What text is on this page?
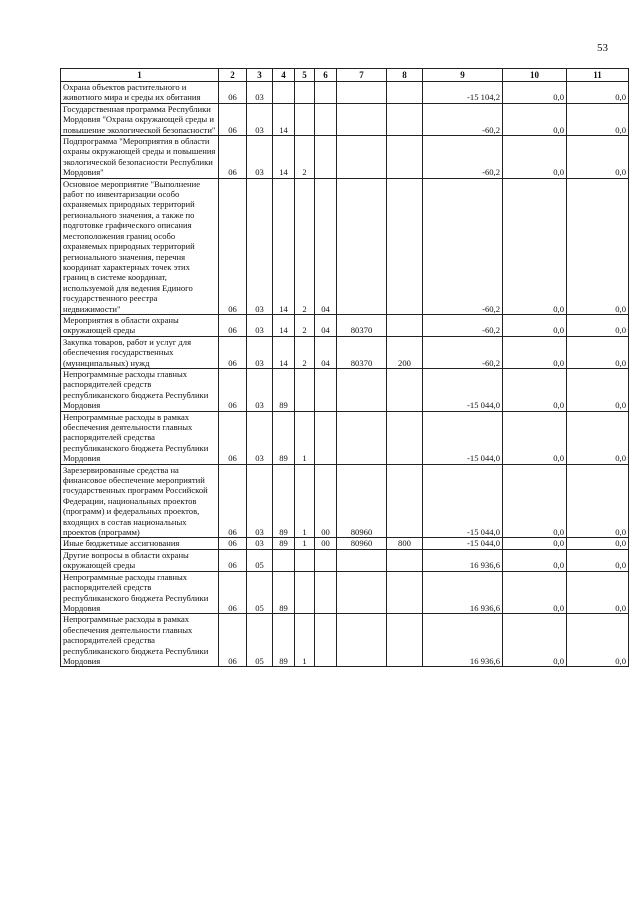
53
1	2	3	4	5	6	7	8	9	10	11
Охрана объектов растительного и животного мира и среды их обитания	06	03						-15 104,2	0,0	0,0
Государственная программа Республики Мордовия "Охрана окружающей среды и повышение экологической безопасности"	06	03	14					-60,2	0,0	0,0
Подпрограмма "Мероприятия в области охраны окружающей среды и повышения экологической безопасности Республики Мордовия"	06	03	14	2				-60,2	0,0	0,0
Основное мероприятие "Выполнение работ по инвентаризации особо охраняемых природных территорий регионального значения, а также по подготовке графического описания местоположения границ особо охраняемых природных территорий регионального значения, перечня координат характерных точек этих границ в системе координат, используемой для ведения Единого государственного реестра недвижимости"	06	03	14	2	04			-60,2	0,0	0,0
Мероприятия в области охраны окружающей среды	06	03	14	2	04	80370		-60,2	0,0	0,0
Закупка товаров, работ и услуг для обеспечения государственных (муниципальных) нужд	06	03	14	2	04	80370	200	-60,2	0,0	0,0
Непрограммные расходы главных распорядителей средств республиканского бюджета Республики Мордовия	06	03	89					-15 044,0	0,0	0,0
Непрограммные расходы в рамках обеспечения деятельности главных распорядителей средства республиканского бюджета Республики Мордовия	06	03	89	1				-15 044,0	0,0	0,0
Зарезервированные средства на финансовое обеспечение мероприятий государственных программ Российской Федерации, национальных проектов (программ) и федеральных проектов, входящих в состав национальных проектов (программ)	06	03	89	1	00	80960		-15 044,0	0,0	0,0
Иные бюджетные ассигнования	06	03	89	1	00	80960	800	-15 044,0	0,0	0,0
Другие вопросы в области охраны окружающей среды	06	05						16 936,6	0,0	0,0
Непрограммные расходы главных распорядителей средств республиканского бюджета Республики Мордовия	06	05	89					16 936,6	0,0	0,0
Непрограммные расходы в рамках обеспечения деятельности главных распорядителей средства республиканского бюджета Республики Мордовия	06	05	89	1				16 936,6	0,0	0,0
